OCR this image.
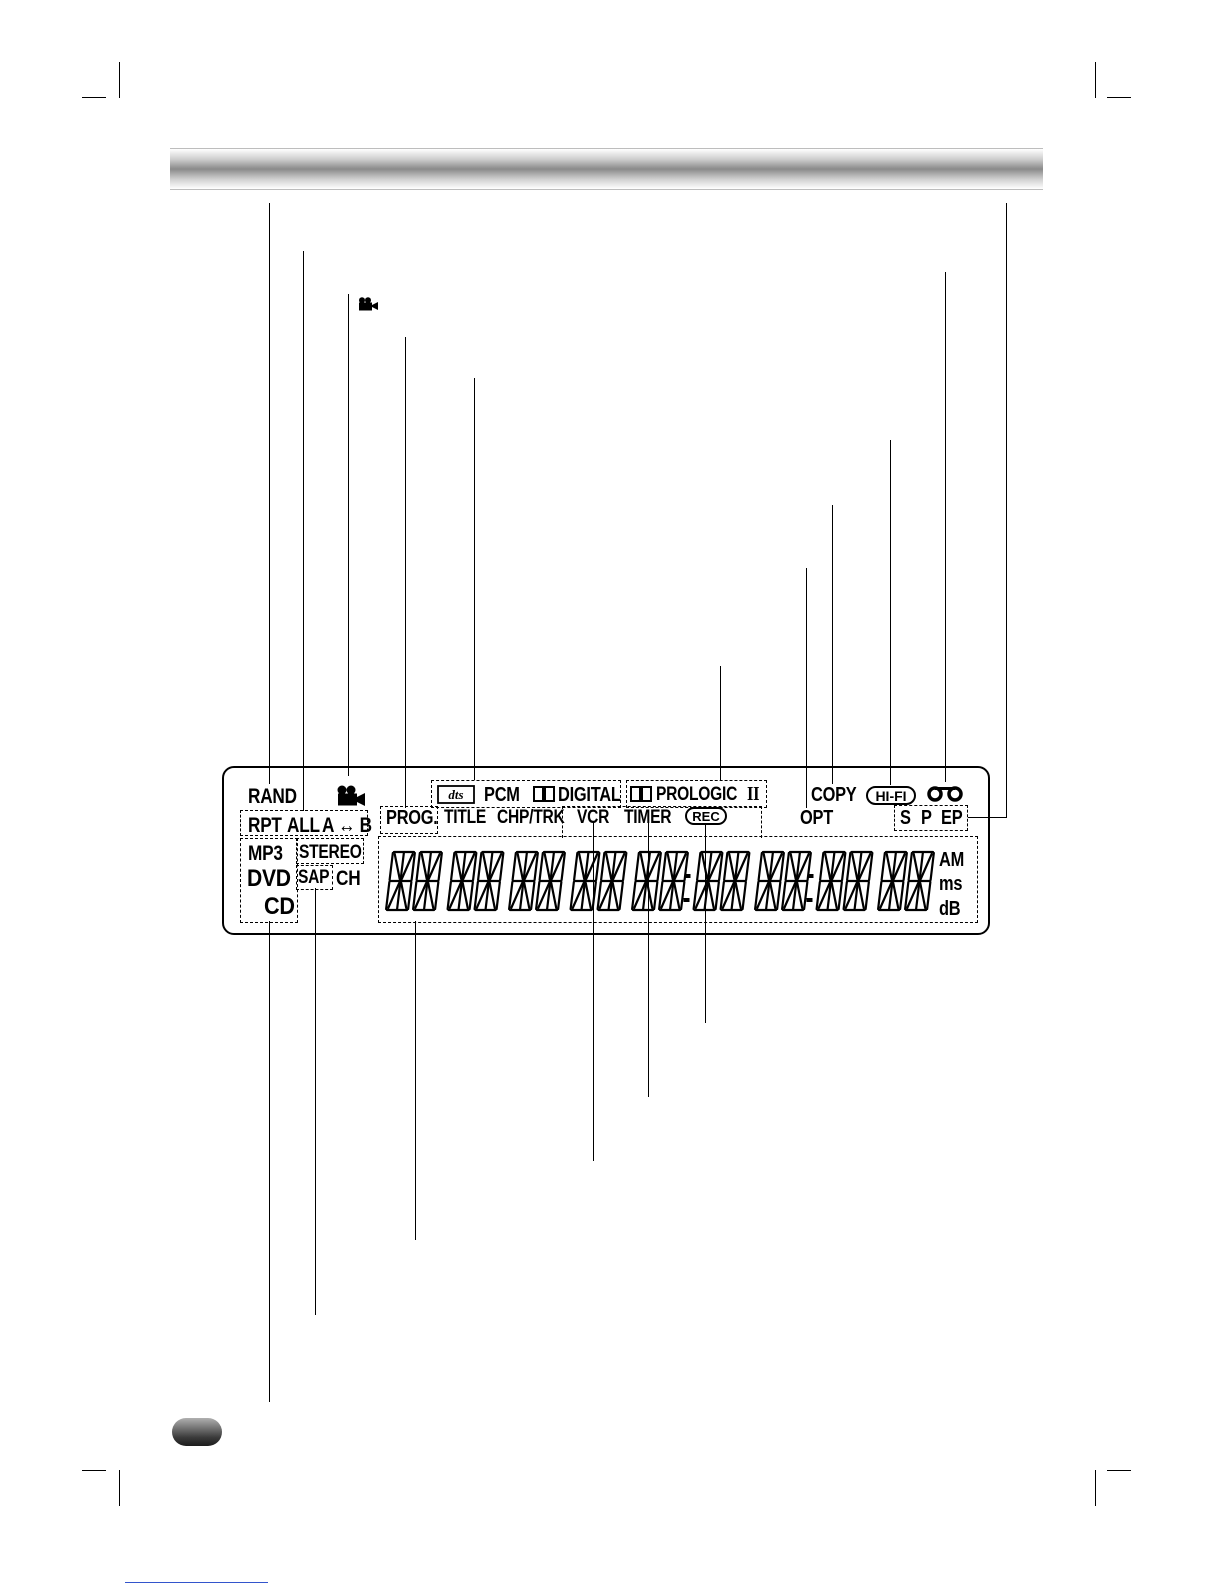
RAND
RPT ALL A ↔ B PROG.
dts PCM DIGITAL PROLOGIC II
TITLE CHP/TRK VCR TIMER	REC
COPY
OPT
HI-FI
S P EP
MP3 STEREO
DVD SAP CH
CD
AM
ms
dB
